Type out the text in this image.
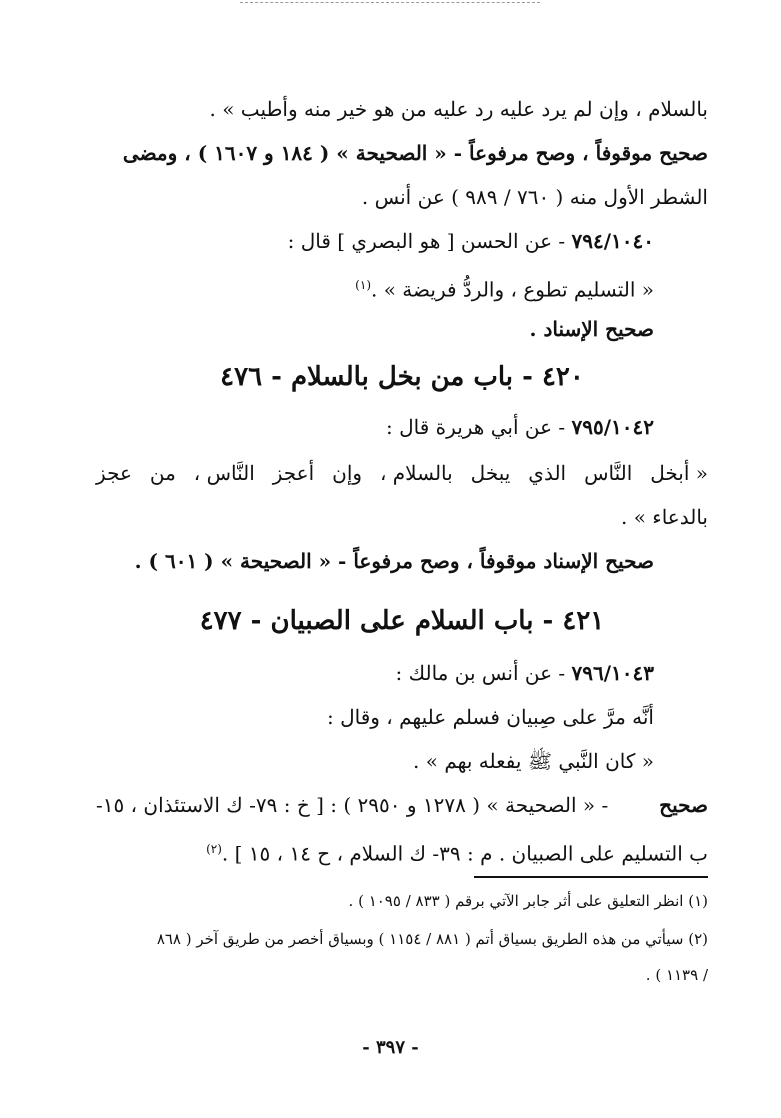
بالسلام ، وإن لم يرد عليه رد عليه من هو خير منه وأطيب » .
صحيح موقوفاً ، وصح مرفوعاً - « الصحيحة » ( ١٨٤ و ١٦٠٧ ) ، ومضى
الشطر الأول منه ( ٧٦٠ / ٩٨٩ ) عن أنس .
٧٩٤/١٠٤٠ - عن الحسن [ هو البصري ] قال :
« التسليم تطوع ، والردُّ فريضة » .$^{(١)}$
صحيح الإسناد .
٤٢٠ - باب من بخل بالسلام - ٤٧٦
٧٩٥/١٠٤٢ - عن أبي هريرة قال :
« أبخل
النَّاس
الذي
يبخل
بالسلام ،
وإن
أعجز
النَّاس ،
من
عجز
بالدعاء » .
صحيح الإسناد موقوفاً ، وصح مرفوعاً - « الصحيحة » ( ٦٠١ ) .
٤٢١ - باب السلام على الصبيان - ٤٧٧
٧٩٦/١٠٤٣ - عن أنس بن مالك :
أنَّه مرَّ على صِبيان فسلم عليهم ، وقال :
« كان النَّبي ﷺ يفعله بهم » .
صحيح
- « الصحيحة » ( ١٢٧٨ و ٢٩٥٠ ) : [ خ : ٧٩- ك الاستئذان ، ١٥-
ب التسليم على الصبيان . م : ٣٩- ك السلام ، ح ١٤ ، ١٥ ] .$^{(٢)}$
(١) انظر التعليق على أثر جابر الآتي برقم ( ٨٣٣ / ١٠٩٥ ) .
(٢) سيأتي من هذه الطريق بسياق أتم ( ٨٨١ / ١١٥٤ ) وبسياق أخصر من طريق آخر ( ٨٦٨
/ ١١٣٩ ) .
- ٣٩٧ -
